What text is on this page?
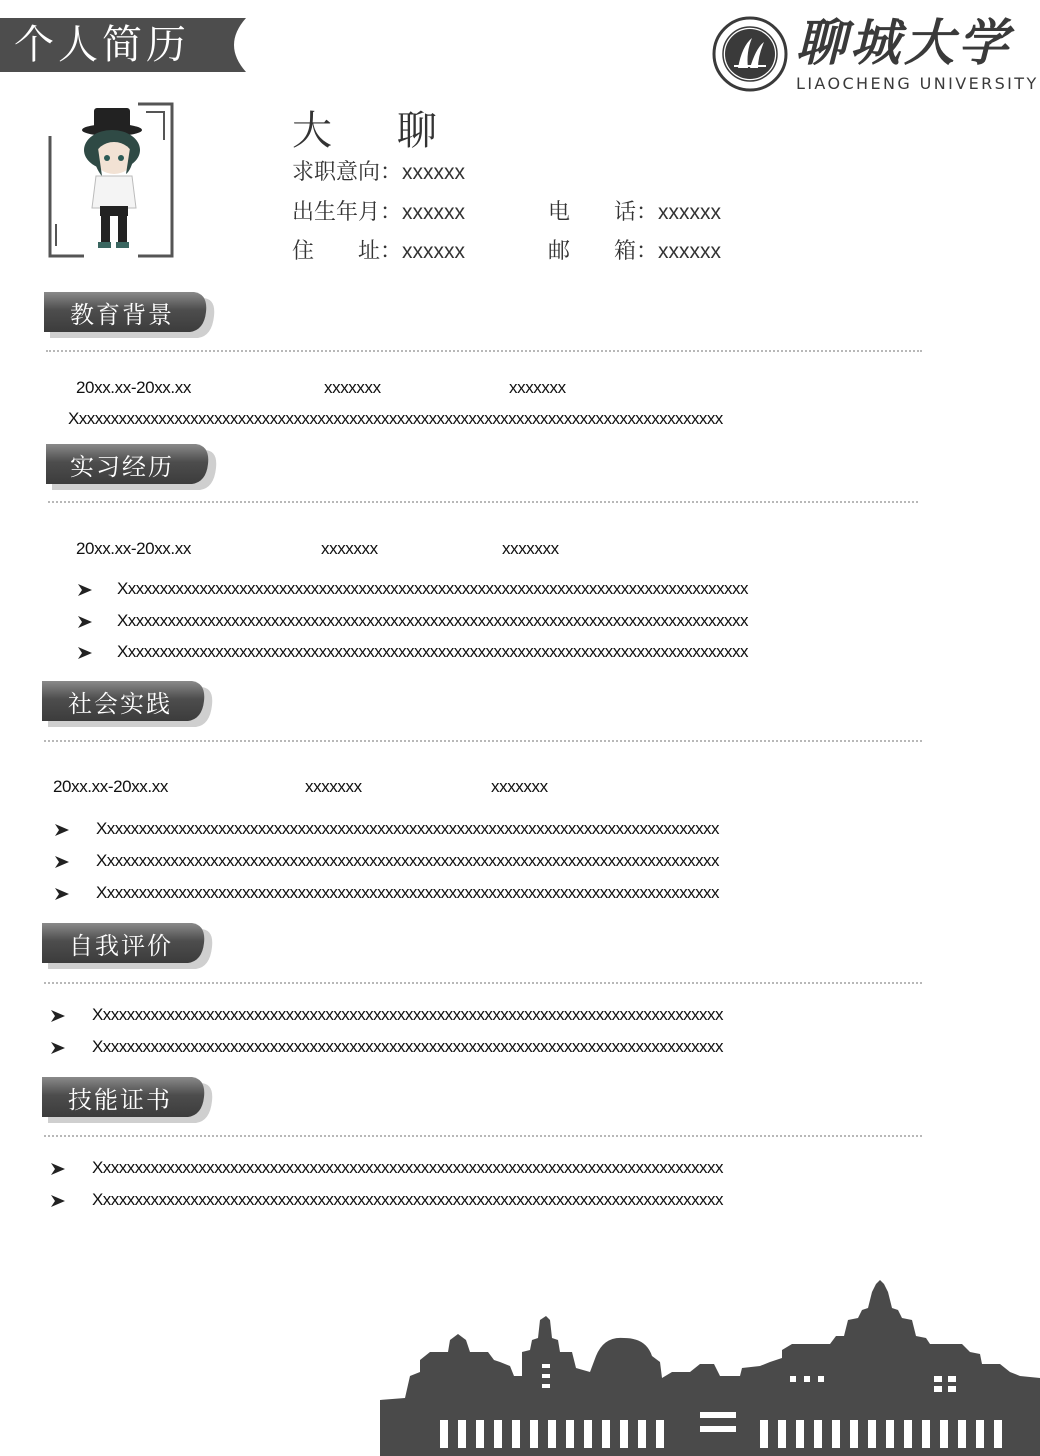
个人简历	聊城大学
LIAOCHENG UNIVERSITY
大 聊
求职意向：xxxxxx
出生年月：xxxxxx	电　　话：xxxxxx
住　　址：xxxxxx	邮　　箱：xxxxxx
教育背景
20xx.xx-20xx.xx	xxxxxxx	xxxxxxx
Xxxxxxxxxxxxxxxxxxxxxxxxxxxxxxxxxxxxxxxxxxxxxxxxxxxxxxxxxxxxxxxxxxxxxxxxxxxxxxxxxx
实习经历
20xx.xx-20xx.xx	xxxxxxx	xxxxxxx
Xxxxxxxxxxxxxxxxxxxxxxxxxxxxxxxxxxxxxxxxxxxxxxxxxxxxxxxxxxxxxxxxxxxxxxxxxxxxxxx
Xxxxxxxxxxxxxxxxxxxxxxxxxxxxxxxxxxxxxxxxxxxxxxxxxxxxxxxxxxxxxxxxxxxxxxxxxxxxxxx
Xxxxxxxxxxxxxxxxxxxxxxxxxxxxxxxxxxxxxxxxxxxxxxxxxxxxxxxxxxxxxxxxxxxxxxxxxxxxxxx
社会实践
20xx.xx-20xx.xx	xxxxxxx	xxxxxxx
Xxxxxxxxxxxxxxxxxxxxxxxxxxxxxxxxxxxxxxxxxxxxxxxxxxxxxxxxxxxxxxxxxxxxxxxxxxxxxx
Xxxxxxxxxxxxxxxxxxxxxxxxxxxxxxxxxxxxxxxxxxxxxxxxxxxxxxxxxxxxxxxxxxxxxxxxxxxxxx
Xxxxxxxxxxxxxxxxxxxxxxxxxxxxxxxxxxxxxxxxxxxxxxxxxxxxxxxxxxxxxxxxxxxxxxxxxxxxxx
自我评价
Xxxxxxxxxxxxxxxxxxxxxxxxxxxxxxxxxxxxxxxxxxxxxxxxxxxxxxxxxxxxxxxxxxxxxxxxxxxxxxx
Xxxxxxxxxxxxxxxxxxxxxxxxxxxxxxxxxxxxxxxxxxxxxxxxxxxxxxxxxxxxxxxxxxxxxxxxxxxxxxx
技能证书
Xxxxxxxxxxxxxxxxxxxxxxxxxxxxxxxxxxxxxxxxxxxxxxxxxxxxxxxxxxxxxxxxxxxxxxxxxxxxxxx
Xxxxxxxxxxxxxxxxxxxxxxxxxxxxxxxxxxxxxxxxxxxxxxxxxxxxxxxxxxxxxxxxxxxxxxxxxxxxxxx
